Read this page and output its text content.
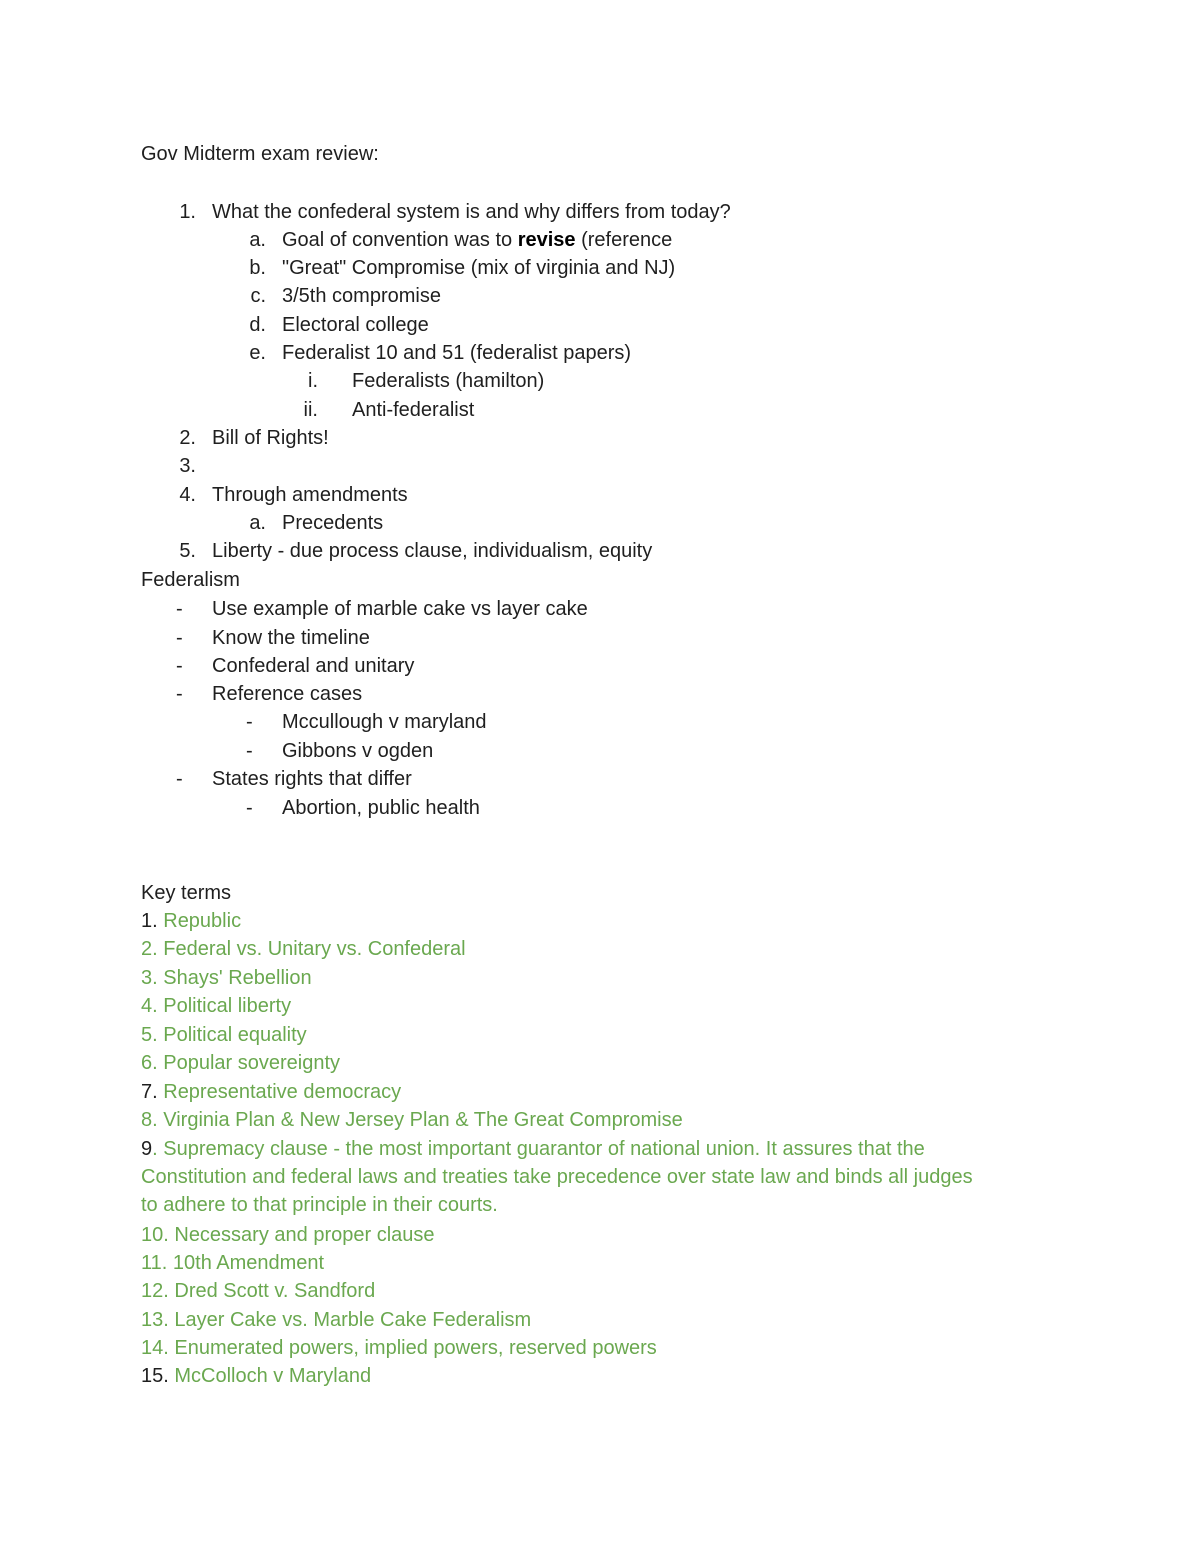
Gov Midterm exam review:
1. What the confederal system is and why differs from today?
a. Goal of convention was to revise (reference
b. "Great" Compromise (mix of virginia and NJ)
c. 3/5th compromise
d. Electoral college
e. Federalist 10 and 51 (federalist papers)
i. Federalists (hamilton)
ii. Anti-federalist
2. Bill of Rights!
3.
4. Through amendments
a. Precedents
5. Liberty - due process clause, individualism, equity
Federalism
- Use example of marble cake vs layer cake
- Know the timeline
- Confederal and unitary
- Reference cases
- Mccullough v maryland
- Gibbons v ogden
- States rights that differ
- Abortion, public health
Key terms
1. Republic
2. Federal vs. Unitary vs. Confederal
3. Shays' Rebellion
4. Political liberty
5. Political equality
6. Popular sovereignty
7. Representative democracy
8. Virginia Plan & New Jersey Plan & The Great Compromise
9. Supremacy clause - the most important guarantor of national union. It assures that the
Constitution and federal laws and treaties take precedence over state law and binds all judges
to adhere to that principle in their courts.
10. Necessary and proper clause
11. 10th Amendment
12. Dred Scott v. Sandford
13. Layer Cake vs. Marble Cake Federalism
14. Enumerated powers, implied powers, reserved powers
15. McColloch v Maryland
